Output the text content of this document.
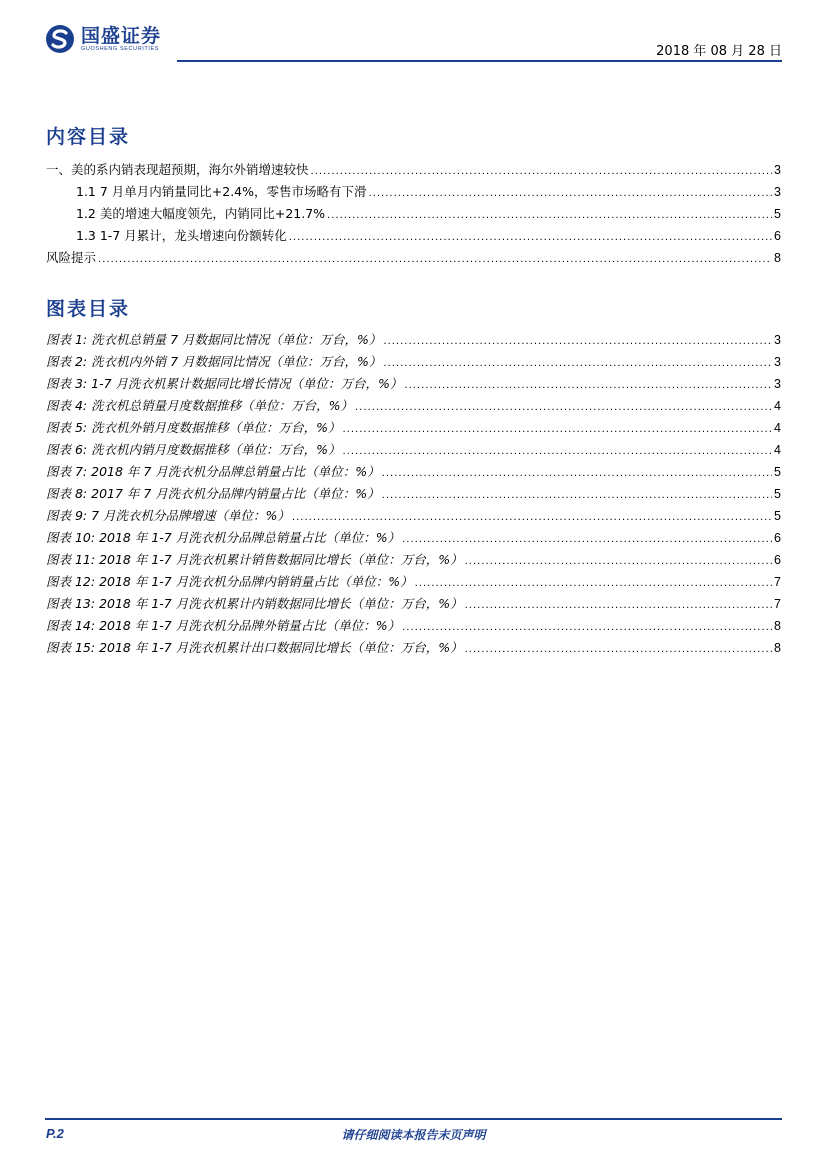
国盛证券
GUOSHENG SECURITIES	2018 年 08 月 28 日
内容目录
一、美的系内销表现超预期，海尔外销增速较快 .....	3
1.1 7 月单月内销量同比+2.4%，零售市场略有下滑 .....	3
1.2 美的增速大幅度领先，内销同比+21.7% .....	5
1.3 1-7 月累计，龙头增速向份额转化 .....	6
风险提示 .....	8
图表目录
图表 1: 洗衣机总销量 7 月数据同比情况（单位：万台，%） .....	3
图表 2: 洗衣机内外销 7 月数据同比情况（单位：万台，%） .....	3
图表 3: 1-7 月洗衣机累计数据同比增长情况（单位：万台，%） .....	3
图表 4: 洗衣机总销量月度数据推移（单位：万台，%） .....	4
图表 5: 洗衣机外销月度数据推移（单位：万台，%） .....	4
图表 6: 洗衣机内销月度数据推移（单位：万台，%） .....	4
图表 7: 2018 年 7 月洗衣机分品牌总销量占比（单位：%） .....	5
图表 8: 2017 年 7 月洗衣机分品牌内销量占比（单位：%） .....	5
图表 9: 7 月洗衣机分品牌增速（单位：%） .....	5
图表 10: 2018 年 1-7 月洗衣机分品牌总销量占比（单位：%） .....	6
图表 11: 2018 年 1-7 月洗衣机累计销售数据同比增长（单位：万台，%） .....	6
图表 12: 2018 年 1-7 月洗衣机分品牌内销销量占比（单位：%） .....	7
图表 13: 2018 年 1-7 月洗衣机累计内销数据同比增长（单位：万台，%） .....	7
图表 14: 2018 年 1-7 月洗衣机分品牌外销量占比（单位：%） .....	8
图表 15: 2018 年 1-7 月洗衣机累计出口数据同比增长（单位：万台，%） .....	8
P.2	请仔细阅读本报告末页声明
